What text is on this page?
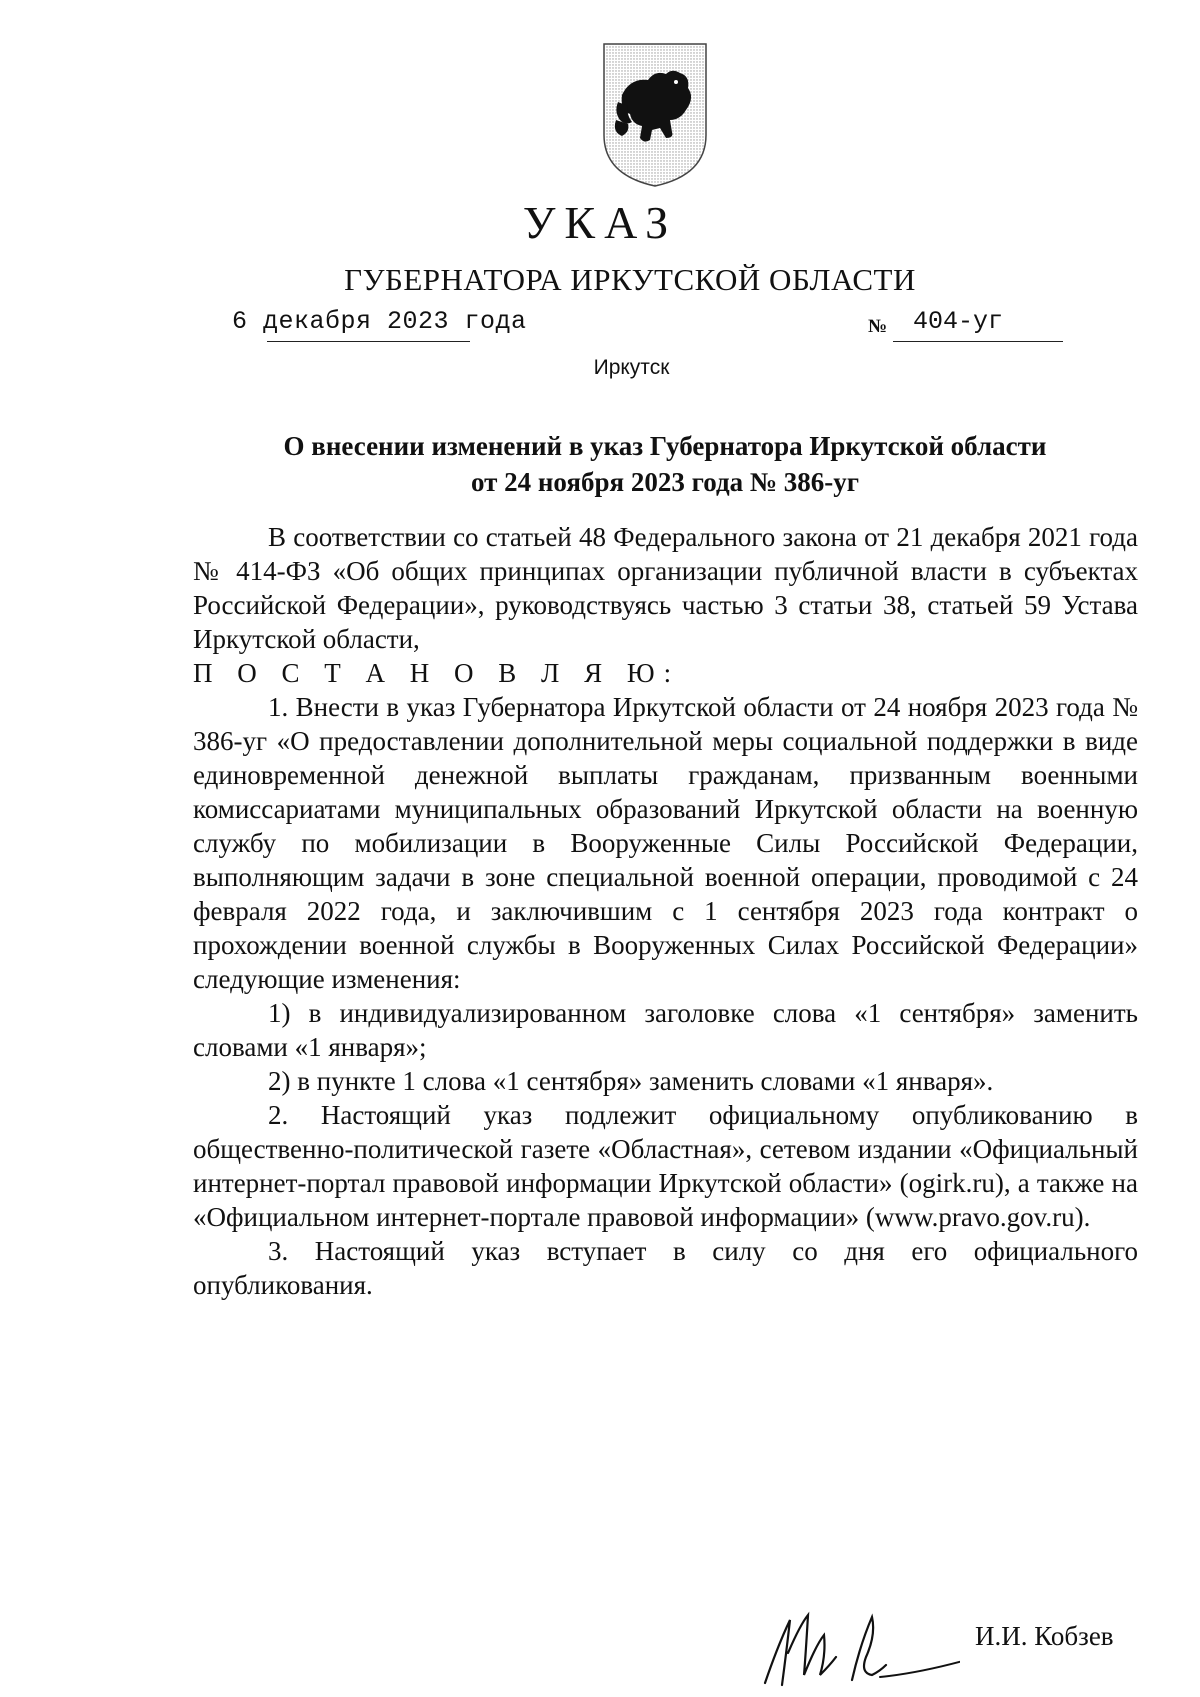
УКАЗ
ГУБЕРНАТОРА ИРКУТСКОЙ ОБЛАСТИ
6 декабря 2023 года	№ 404-уг
Иркутск
О внесении изменений в указ Губернатора Иркутской области
от 24 ноября 2023 года № 386-уг

В соответствии со статьей 48 Федерального закона от 21 декабря 2021 года № 414-ФЗ «Об общих принципах организации публичной власти в субъектах Российской Федерации», руководствуясь частью 3 статьи 38, статьей 59 Устава Иркутской области,

П О С Т А Н О В Л Я Ю:

1. Внести в указ Губернатора Иркутской области от 24 ноября 2023 года № 386-уг «О предоставлении дополнительной меры социальной поддержки в виде единовременной денежной выплаты гражданам, призванным военными комиссариатами муниципальных образований Иркутской области на военную службу по мобилизации в Вооруженные Силы Российской Федерации, выполняющим задачи в зоне специальной военной операции, проводимой с 24 февраля 2022 года, и заключившим с 1 сентября 2023 года контракт о прохождении военной службы в Вооруженных Силах Российской Федерации» следующие изменения:

1) в индивидуализированном заголовке слова «1 сентября» заменить словами «1 января»;

2) в пункте 1 слова «1 сентября» заменить словами «1 января».

2. Настоящий указ подлежит официальному опубликованию в общественно-политической газете «Областная», сетевом издании «Официальный интернет-портал правовой информации Иркутской области» (ogirk.ru), а также на «Официальном интернет-портале правовой информации» (www.pravo.gov.ru).

3. Настоящий указ вступает в силу со дня его официального опубликования.

И.И. Кобзев
